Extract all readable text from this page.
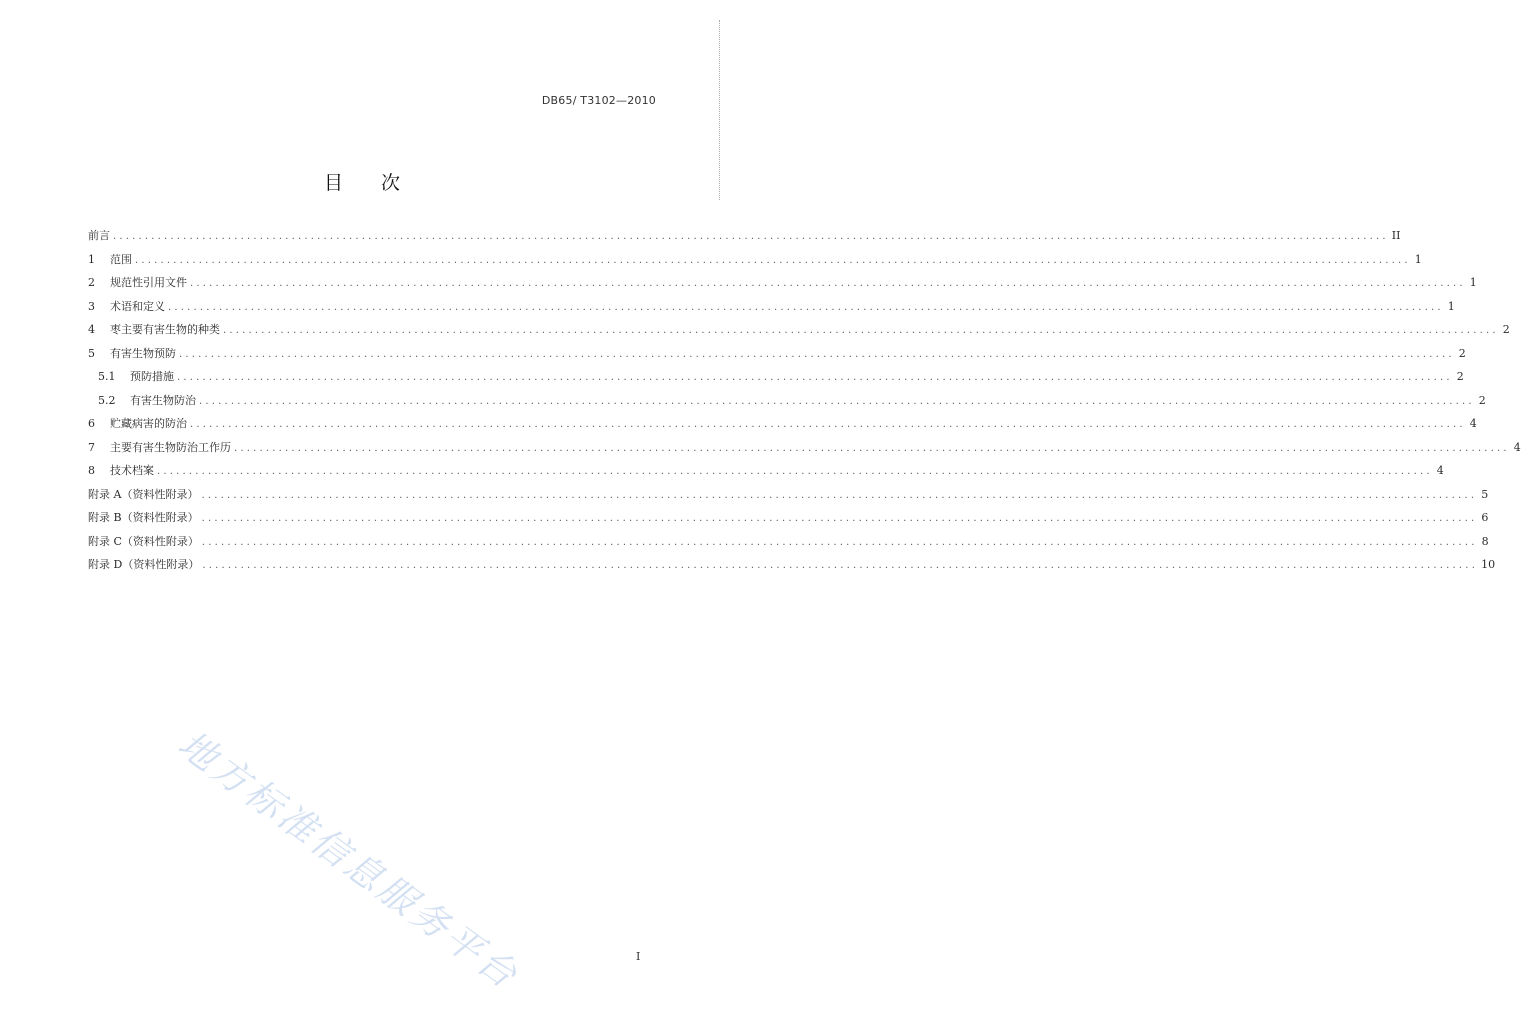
DB65/ T3102—2010
目 次
前言 ........................................................................................................................................................................................................ II
1	范围 ........................................................................................................................................................................................................ 1
2	规范性引用文件 ........................................................................................................................................................................................................ 1
3	术语和定义 ........................................................................................................................................................................................................ 1
4	枣主要有害生物的种类 ........................................................................................................................................................................................................ 2
5	有害生物预防 ........................................................................................................................................................................................................ 2
5.1 预防措施 ........................................................................................................................................................................................................ 2
5.2 有害生物防治 ........................................................................................................................................................................................................ 2
6	贮藏病害的防治 ........................................................................................................................................................................................................ 4
7	主要有害生物防治工作历 ........................................................................................................................................................................................................ 4
8	技术档案 ........................................................................................................................................................................................................ 4
附录 A（资料性附录） ........................................................................................................................................................................................................ 5
附录 B（资料性附录） ........................................................................................................................................................................................................ 6
附录 C（资料性附录） ........................................................................................................................................................................................................ 8
附录 D（资料性附录） ........................................................................................................................................................................................................ 10
地方标准信息服务平台	I
